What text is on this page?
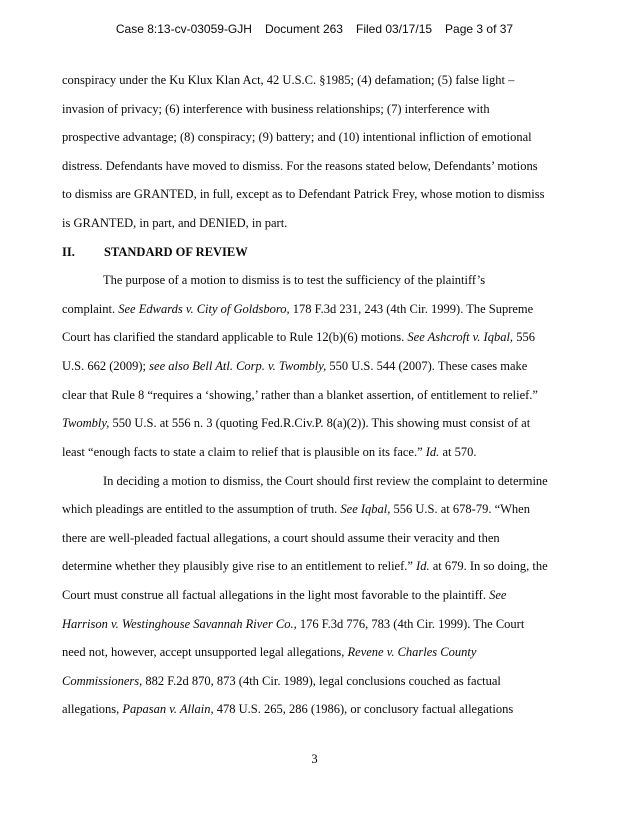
Case 8:13-cv-03059-GJH Document 263 Filed 03/17/15 Page 3 of 37
conspiracy under the Ku Klux Klan Act, 42 U.S.C. §1985; (4) defamation; (5) false light –
invasion of privacy; (6) interference with business relationships; (7) interference with
prospective advantage; (8) conspiracy; (9) battery; and (10) intentional infliction of emotional
distress. Defendants have moved to dismiss. For the reasons stated below, Defendants’ motions
to dismiss are GRANTED, in full, except as to Defendant Patrick Frey, whose motion to dismiss
is GRANTED, in part, and DENIED, in part.
II. STANDARD OF REVIEW
The purpose of a motion to dismiss is to test the sufficiency of the plaintiff’s
complaint. See Edwards v. City of Goldsboro, 178 F.3d 231, 243 (4th Cir. 1999). The Supreme
Court has clarified the standard applicable to Rule 12(b)(6) motions. See Ashcroft v. Iqbal, 556
U.S. 662 (2009); see also Bell Atl. Corp. v. Twombly, 550 U.S. 544 (2007). These cases make
clear that Rule 8 “requires a ‘showing,’ rather than a blanket assertion, of entitlement to relief.”
Twombly, 550 U.S. at 556 n. 3 (quoting Fed.R.Civ.P. 8(a)(2)). This showing must consist of at
least “enough facts to state a claim to relief that is plausible on its face.” Id. at 570.
In deciding a motion to dismiss, the Court should first review the complaint to determine
which pleadings are entitled to the assumption of truth. See Iqbal, 556 U.S. at 678-79. “When
there are well-pleaded factual allegations, a court should assume their veracity and then
determine whether they plausibly give rise to an entitlement to relief.” Id. at 679. In so doing, the
Court must construe all factual allegations in the light most favorable to the plaintiff. See
Harrison v. Westinghouse Savannah River Co., 176 F.3d 776, 783 (4th Cir. 1999). The Court
need not, however, accept unsupported legal allegations, Revene v. Charles County
Commissioners, 882 F.2d 870, 873 (4th Cir. 1989), legal conclusions couched as factual
allegations, Papasan v. Allain, 478 U.S. 265, 286 (1986), or conclusory factual allegations
3
